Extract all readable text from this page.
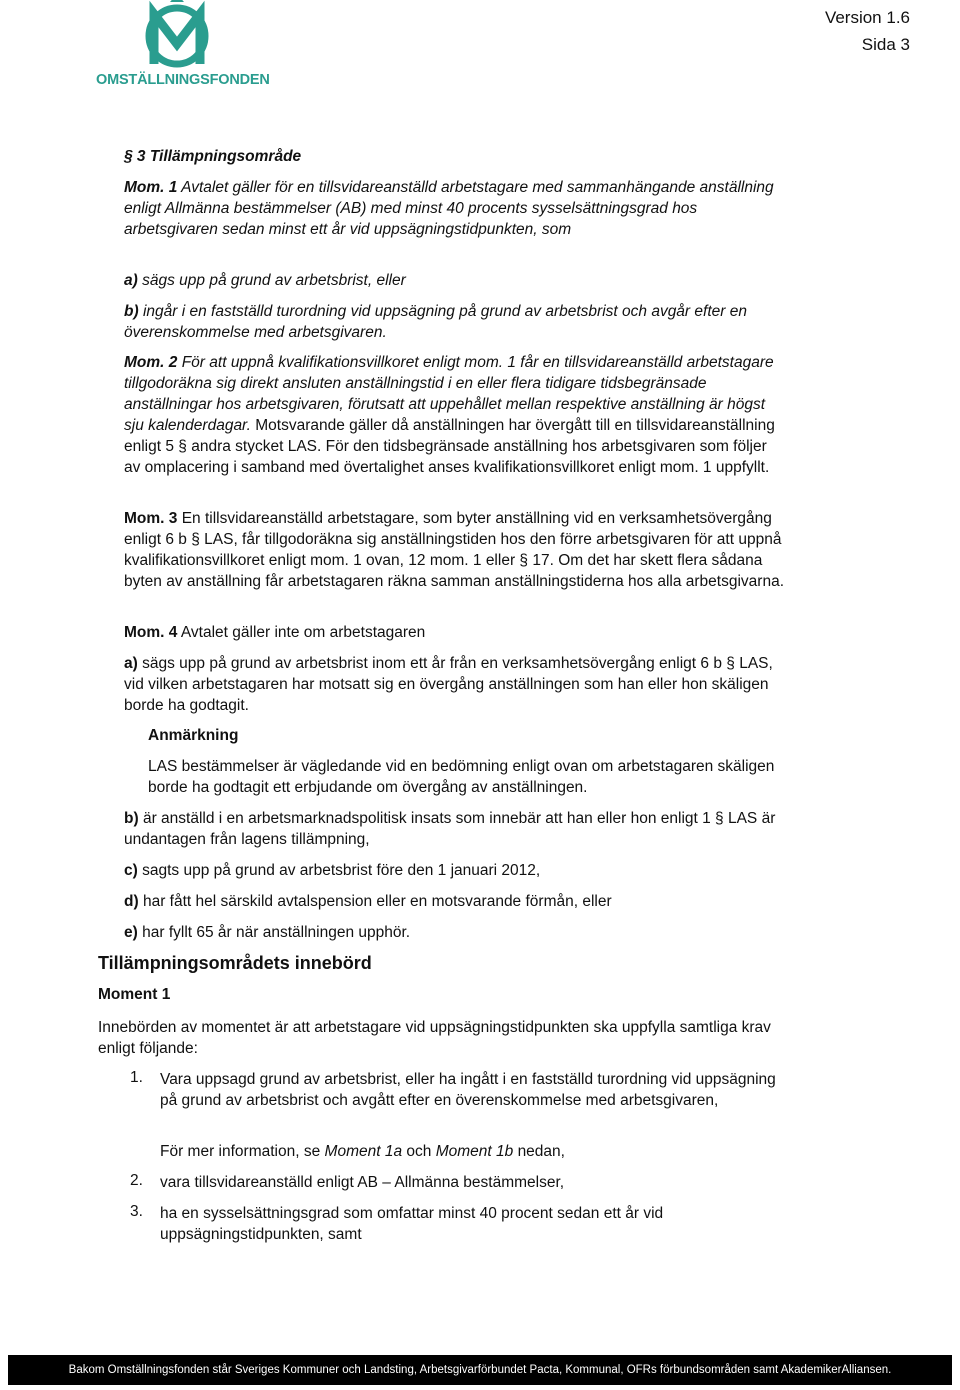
OMSTÄLLNINGSFONDEN
Version 1.6
Sida 3
§ 3 Tillämpningsområde
Mom. 1 Avtalet gäller för en tillsvidareanställd arbetstagare med sammanhängande anställning enligt Allmänna bestämmelser (AB) med minst 40 procents sysselsättningsgrad hos arbetsgivaren sedan minst ett år vid uppsägningstidpunkten, som
a) sägs upp på grund av arbetsbrist, eller
b) ingår i en fastställd turordning vid uppsägning på grund av arbetsbrist och avgår efter en överenskommelse med arbetsgivaren.
Mom. 2 För att uppnå kvalifikationsvillkoret enligt mom. 1 får en tillsvidareanställd arbetstagare tillgodoräkna sig direkt ansluten anställningstid i en eller flera tidigare tidsbegränsade anställningar hos arbetsgivaren, förutsatt att uppehållet mellan respektive anställning är högst sju kalenderdagar. Motsvarande gäller då anställningen har övergått till en tillsvidareanställning enligt 5 § andra stycket LAS. För den tidsbegränsade anställning hos arbetsgivaren som följer av omplacering i samband med övertalighet anses kvalifikationsvillkoret enligt mom. 1 uppfyllt.
Mom. 3 En tillsvidareanställd arbetstagare, som byter anställning vid en verksamhetsövergång enligt 6 b § LAS, får tillgodoräkna sig anställningstiden hos den förre arbetsgivaren för att uppnå kvalifikationsvillkoret enligt mom. 1 ovan, 12 mom. 1 eller § 17. Om det har skett flera sådana byten av anställning får arbetstagaren räkna samman anställningstiderna hos alla arbetsgivarna.
Mom. 4 Avtalet gäller inte om arbetstagaren
a) sägs upp på grund av arbetsbrist inom ett år från en verksamhetsövergång enligt 6 b § LAS, vid vilken arbetstagaren har motsatt sig en övergång anställningen som han eller hon skäligen borde ha godtagit.
Anmärkning
LAS bestämmelser är vägledande vid en bedömning enligt ovan om arbetstagaren skäligen borde ha godtagit ett erbjudande om övergång av anställningen.
b) är anställd i en arbetsmarknadspolitisk insats som innebär att han eller hon enligt 1 § LAS är undantagen från lagens tillämpning,
c) sagts upp på grund av arbetsbrist före den 1 januari 2012,
d) har fått hel särskild avtalspension eller en motsvarande förmån, eller
e) har fyllt 65 år när anställningen upphör.
Tillämpningsområdets innebörd
Moment 1
Innebörden av momentet är att arbetstagare vid uppsägningstidpunkten ska uppfylla samtliga krav enligt följande:
1. Vara uppsagd grund av arbetsbrist, eller ha ingått i en fastställd turordning vid uppsägning på grund av arbetsbrist och avgått efter en överenskommelse med arbetsgivaren,
För mer information, se Moment 1a och Moment 1b nedan,
2. vara tillsvidareanställd enligt AB – Allmänna bestämmelser,
3. ha en sysselsättningsgrad som omfattar minst 40 procent sedan ett år vid uppsägningstidpunkten, samt
Bakom Omställningsfonden står Sveriges Kommuner och Landsting, Arbetsgivarförbundet Pacta, Kommunal, OFRs förbundsområden samt AkademikerAlliansen.
